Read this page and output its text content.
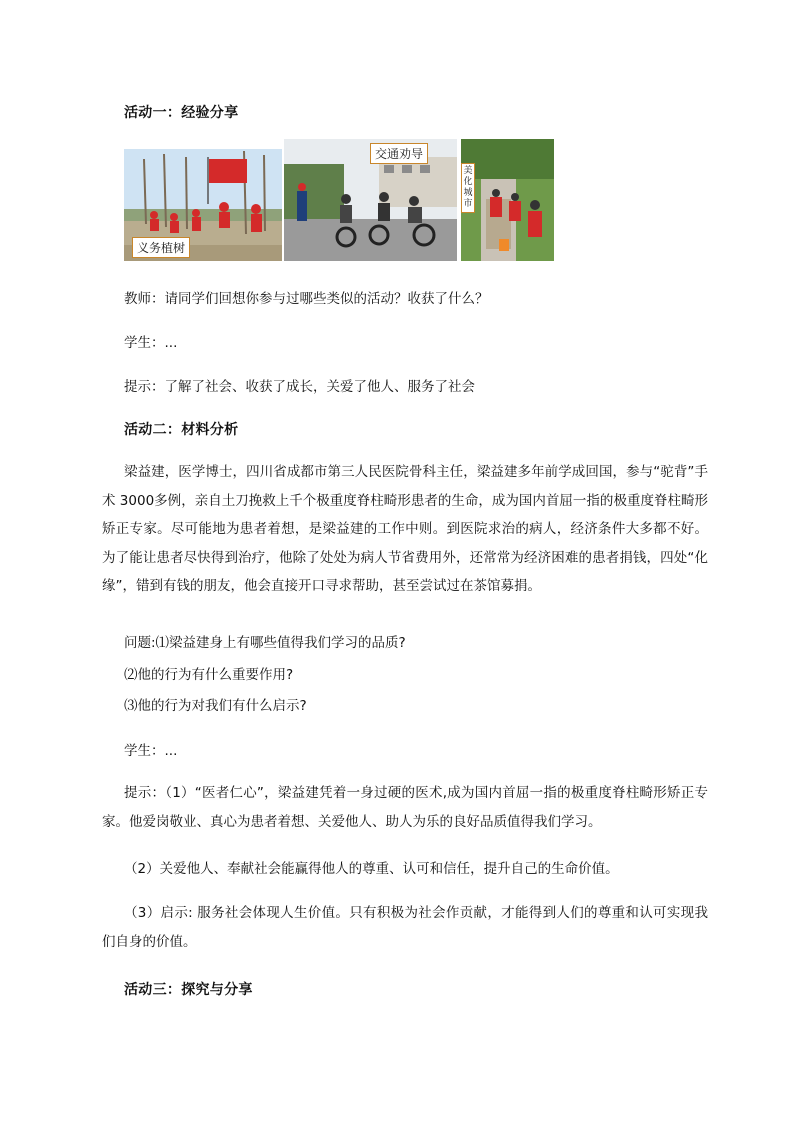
活动一：经验分享
义务植树
交通劝导
美化城市
教师：请同学们回想你参与过哪些类似的活动？收获了什么？
学生：...
提示：了解了社会、收获了成长，关爱了他人、服务了社会
活动二：材料分析
梁益建，医学博士，四川省成都市第三人民医院骨科主任，梁益建多年前学成回国，参与“驼背”手术 3000多例，亲自土刀挽救上千个极重度脊柱畸形患者的生命，成为国内首屈一指的极重度脊柱畸形矫正专家。尽可能地为患者着想，是梁益建的工作中则。到医院求治的病人，经济条件大多都不好。为了能让患者尽快得到治疗，他除了处处为病人节省费用外，还常常为经济困难的患者捐钱，四处“化缘”，错到有钱的朋友，他会直接开口寻求帮助，甚至尝试过在茶馆募捐。
问题:⑴梁益建身上有哪些值得我们学习的品质?
⑵他的行为有什么重要作用?
⑶他的行为对我们有什么启示?
学生：...
提示：（1）“医者仁心”，梁益建凭着一身过硬的医术,成为国内首屈一指的极重度脊柱畸形矫正专家。他爱岗敬业、真心为患者着想、关爱他人、助人为乐的良好品质值得我们学习。
（2）关爱他人、奉献社会能赢得他人的尊重、认可和信任，提升自己的生命价值。
（3）启示: 服务社会体现人生价值。只有积极为社会作贡献，才能得到人们的尊重和认可实现我们自身的价值。
活动三：探究与分享
